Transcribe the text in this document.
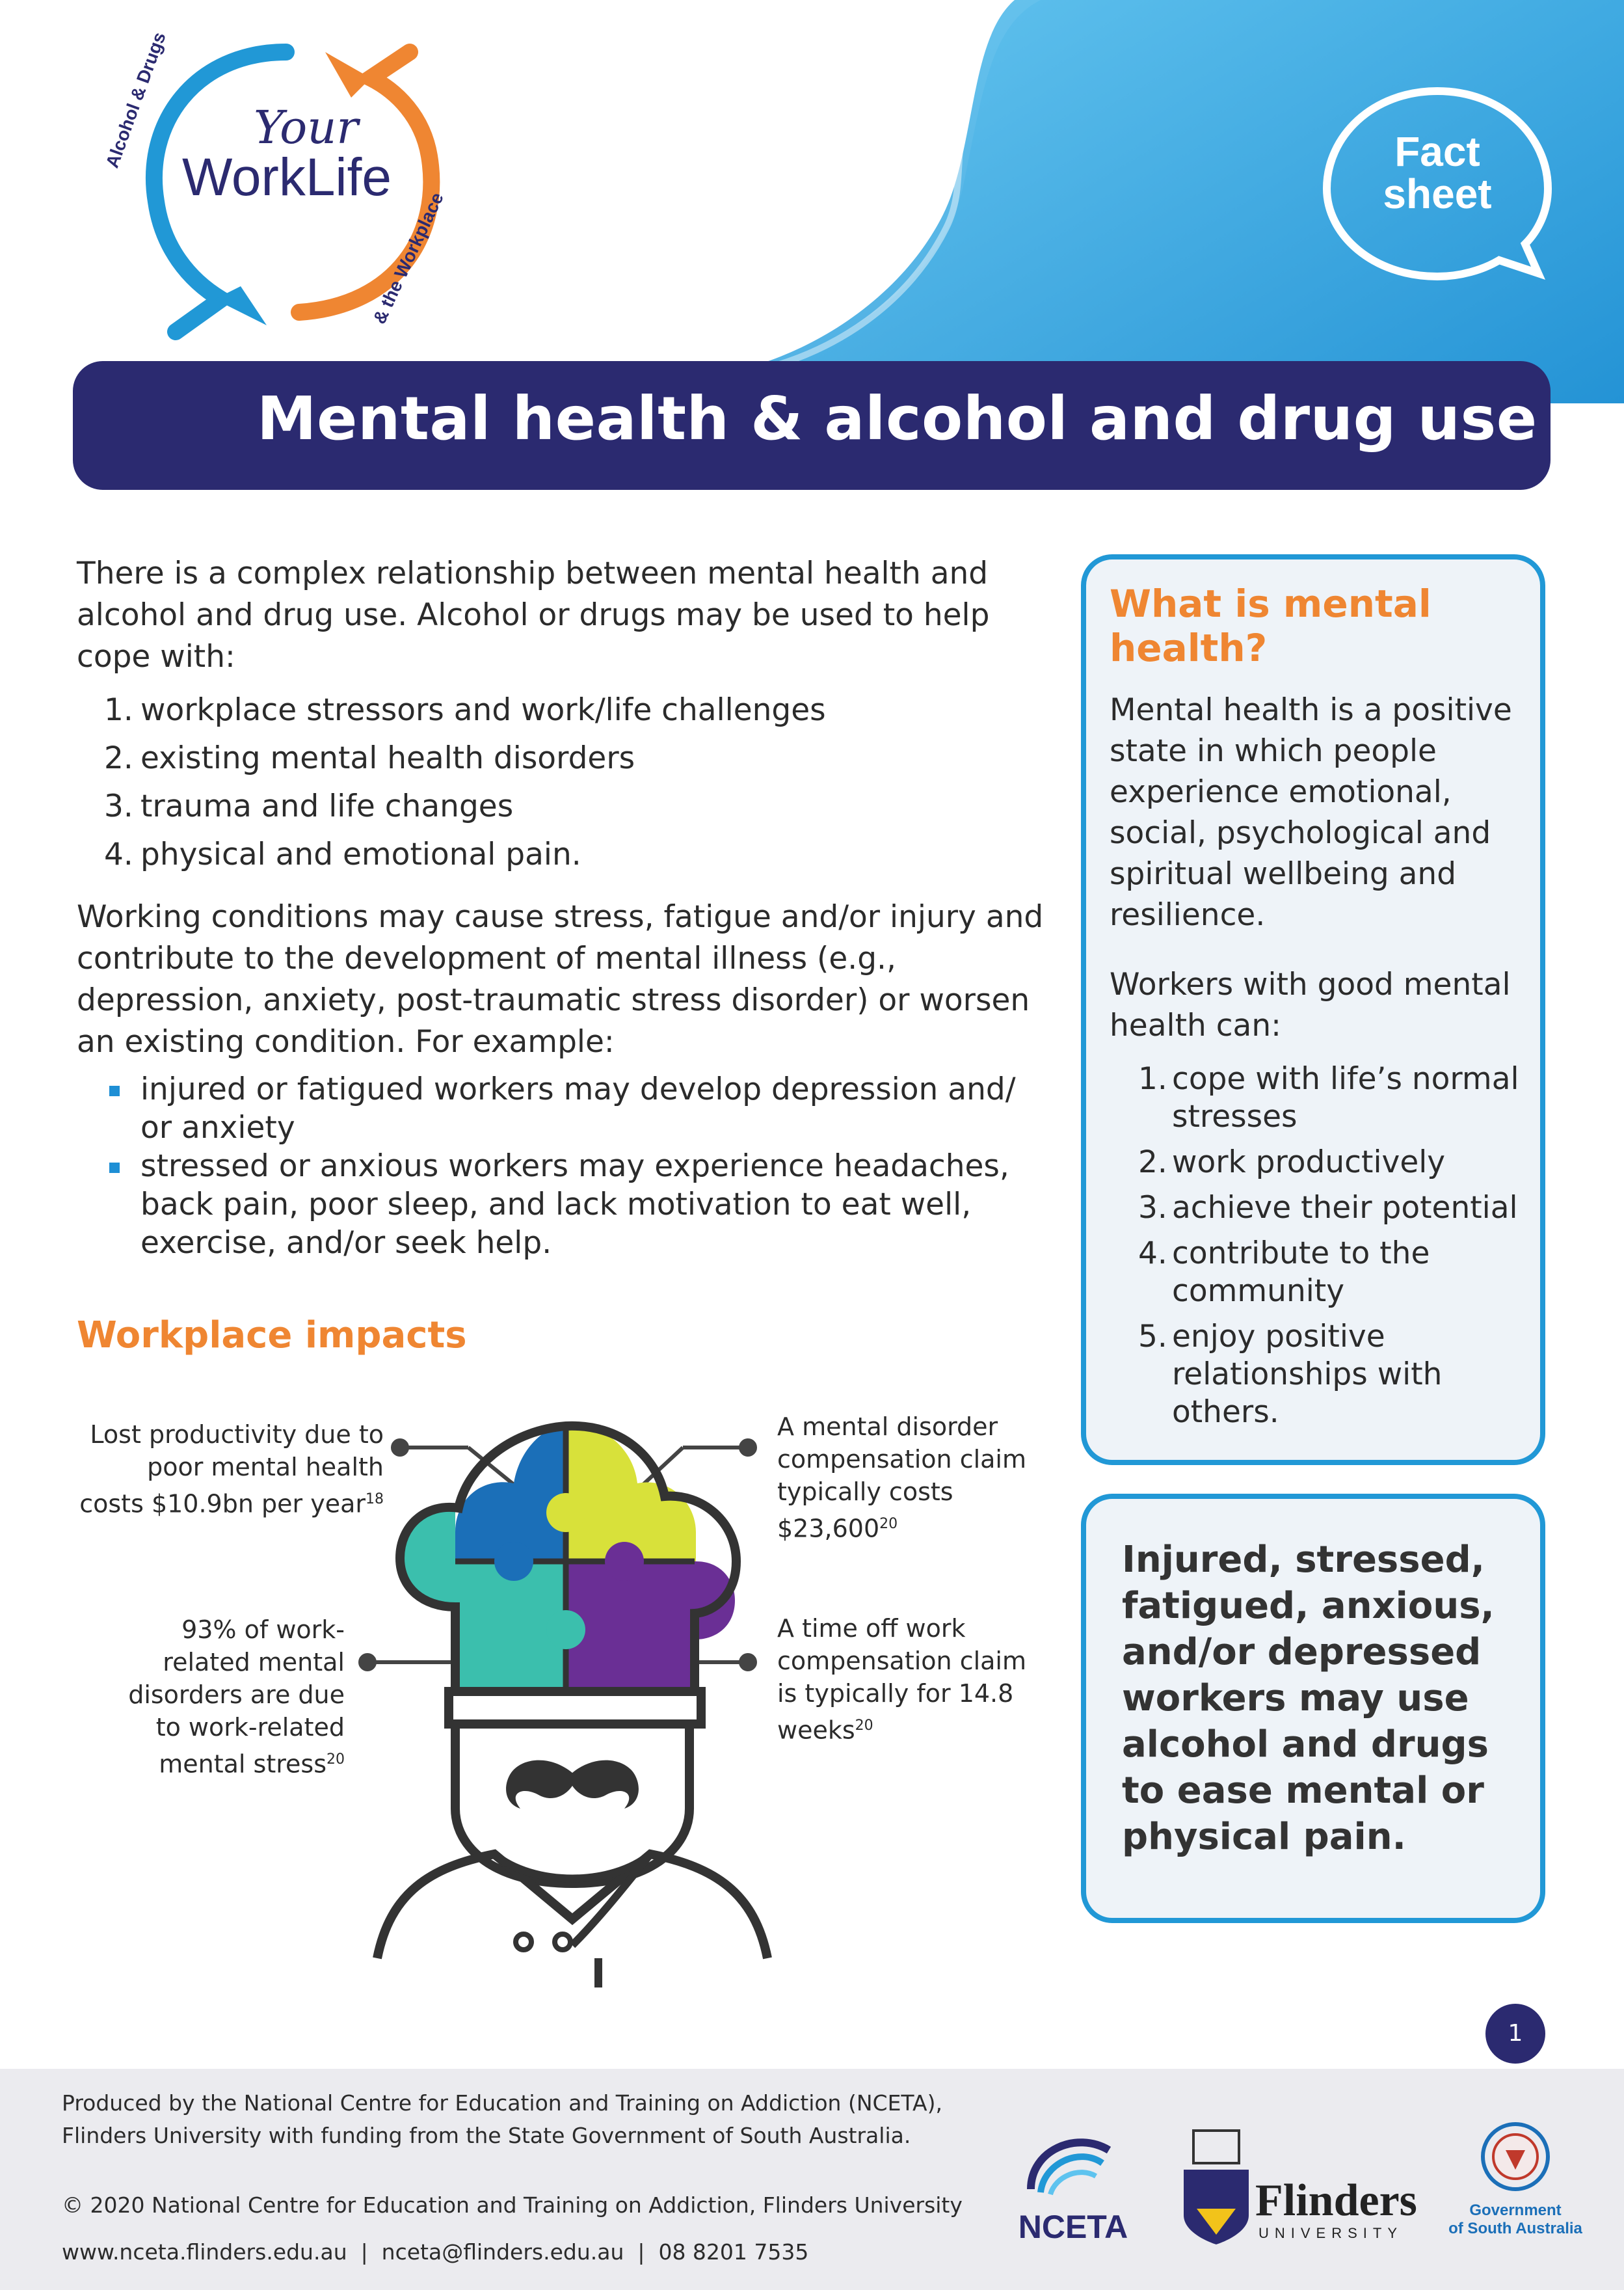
Your
WorkLife
Alcohol & Drugs
& the Workplace
Fact
sheet
Mental health & alcohol and drug use
There is a complex relationship between mental health and alcohol and drug use. Alcohol or drugs may be used to help cope with:
1. workplace stressors and work/life challenges
2. existing mental health disorders
3. trauma and life changes
4. physical and emotional pain.
Working conditions may cause stress, fatigue and/or injury and contribute to the development of mental illness (e.g., depression, anxiety, post-traumatic stress disorder) or worsen an existing condition. For example:
injured or fatigued workers may develop depression and/ or anxiety
stressed or anxious workers may experience headaches, back pain, poor sleep, and lack motivation to eat well, exercise, and/or seek help.
Workplace impacts
Lost productivity due to poor mental health costs $10.9bn per year$^{18}$
93% of work-related mental disorders are due to work-related mental stress$^{20}$
A mental disorder compensation claim typically costs $23,600$^{20}$
A time off work compensation claim is typically for 14.8 weeks$^{20}$
What is mental health?
Mental health is a positive state in which people experience emotional, social, psychological and spiritual wellbeing and resilience.
Workers with good mental health can:
1. cope with life’s normal stresses
2. work productively
3. achieve their potential
4. contribute to the community
5. enjoy positive relationships with others.
Injured, stressed, fatigued, anxious, and/or depressed workers may use alcohol and drugs to ease mental or physical pain.
1
Produced by the National Centre for Education and Training on Addiction (NCETA), Flinders University with funding from the State Government of South Australia.
© 2020 National Centre for Education and Training on Addiction, Flinders University
www.nceta.flinders.edu.au  |  nceta@flinders.edu.au  |  08 8201 7535
NCETA
Flinders
UNIVERSITY
Government
of South Australia
